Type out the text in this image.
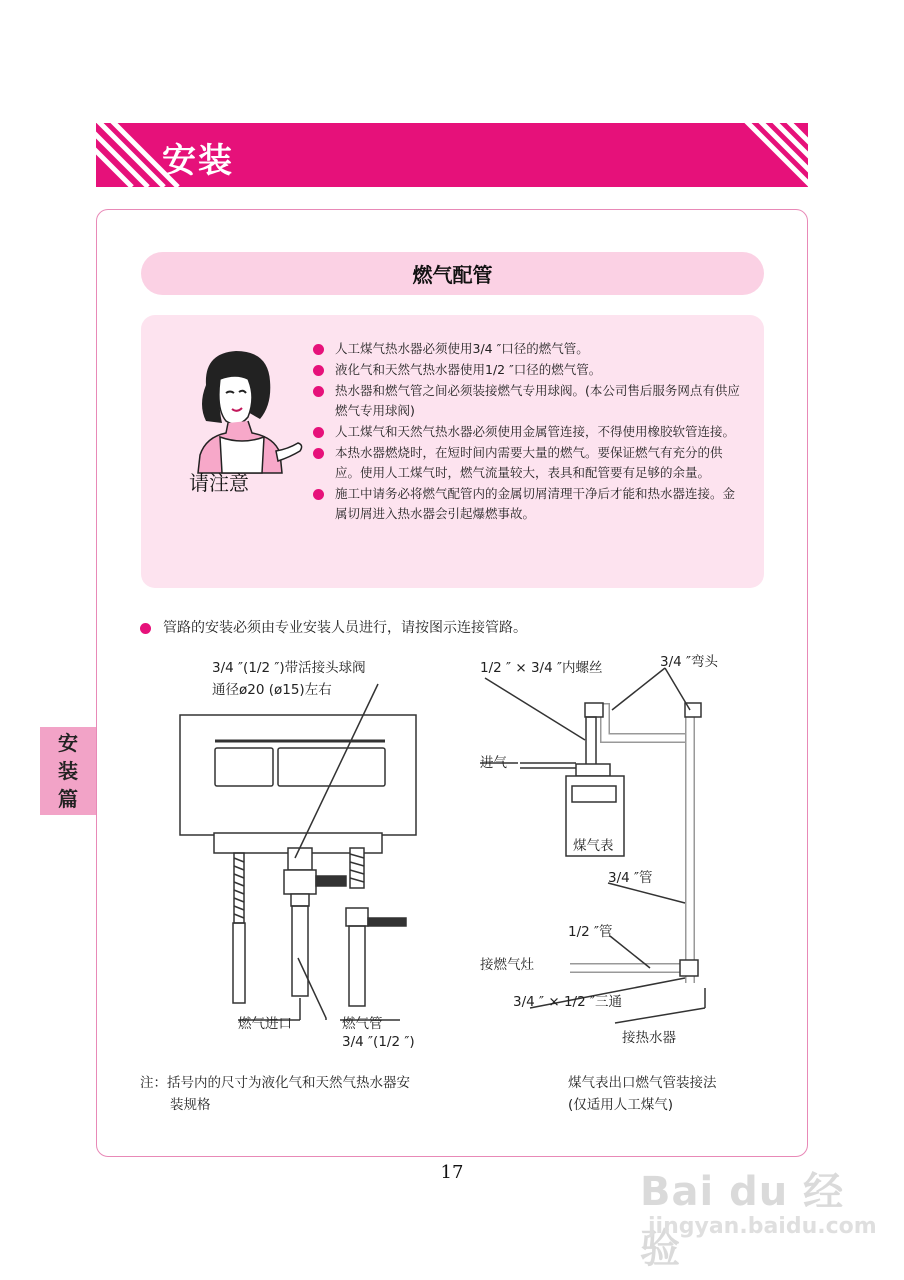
安装
安
装
篇
燃气配管
请注意
人工煤气热水器必须使用3/4 ″口径的燃气管。
液化气和天然气热水器使用1/2 ″口径的燃气管。
热水器和燃气管之间必须装接燃气专用球阀。(本公司售后服务网点有供应燃气专用球阀)
人工煤气和天然气热水器必须使用金属管连接，不得使用橡胶软管连接。
本热水器燃烧时，在短时间内需要大量的燃气。要保证燃气有充分的供应。使用人工煤气时，燃气流量较大，表具和配管要有足够的余量。
施工中请务必将燃气配管内的金属切屑清理干净后才能和热水器连接。金属切屑进入热水器会引起爆燃事故。
管路的安装必须由专业安装人员进行，请按图示连接管路。
3/4 ″(1/2 ″)带活接头球阀
通径ø20 (ø15)左右
燃气进口	燃气管
3/4 ″(1/2 ″)
注：括号内的尺寸为液化气和天然气热水器安
装规格
1/2 ″ × 3/4 ″内螺丝	3/4 ″弯头
进气
煤气表
3/4 ″管
1/2 ″管
接燃气灶
3/4 ″ × 1/2 ″三通
接热水器
煤气表出口燃气管装接法
(仅适用人工煤气)
17	Bai du 经验
jingyan.baidu.com
